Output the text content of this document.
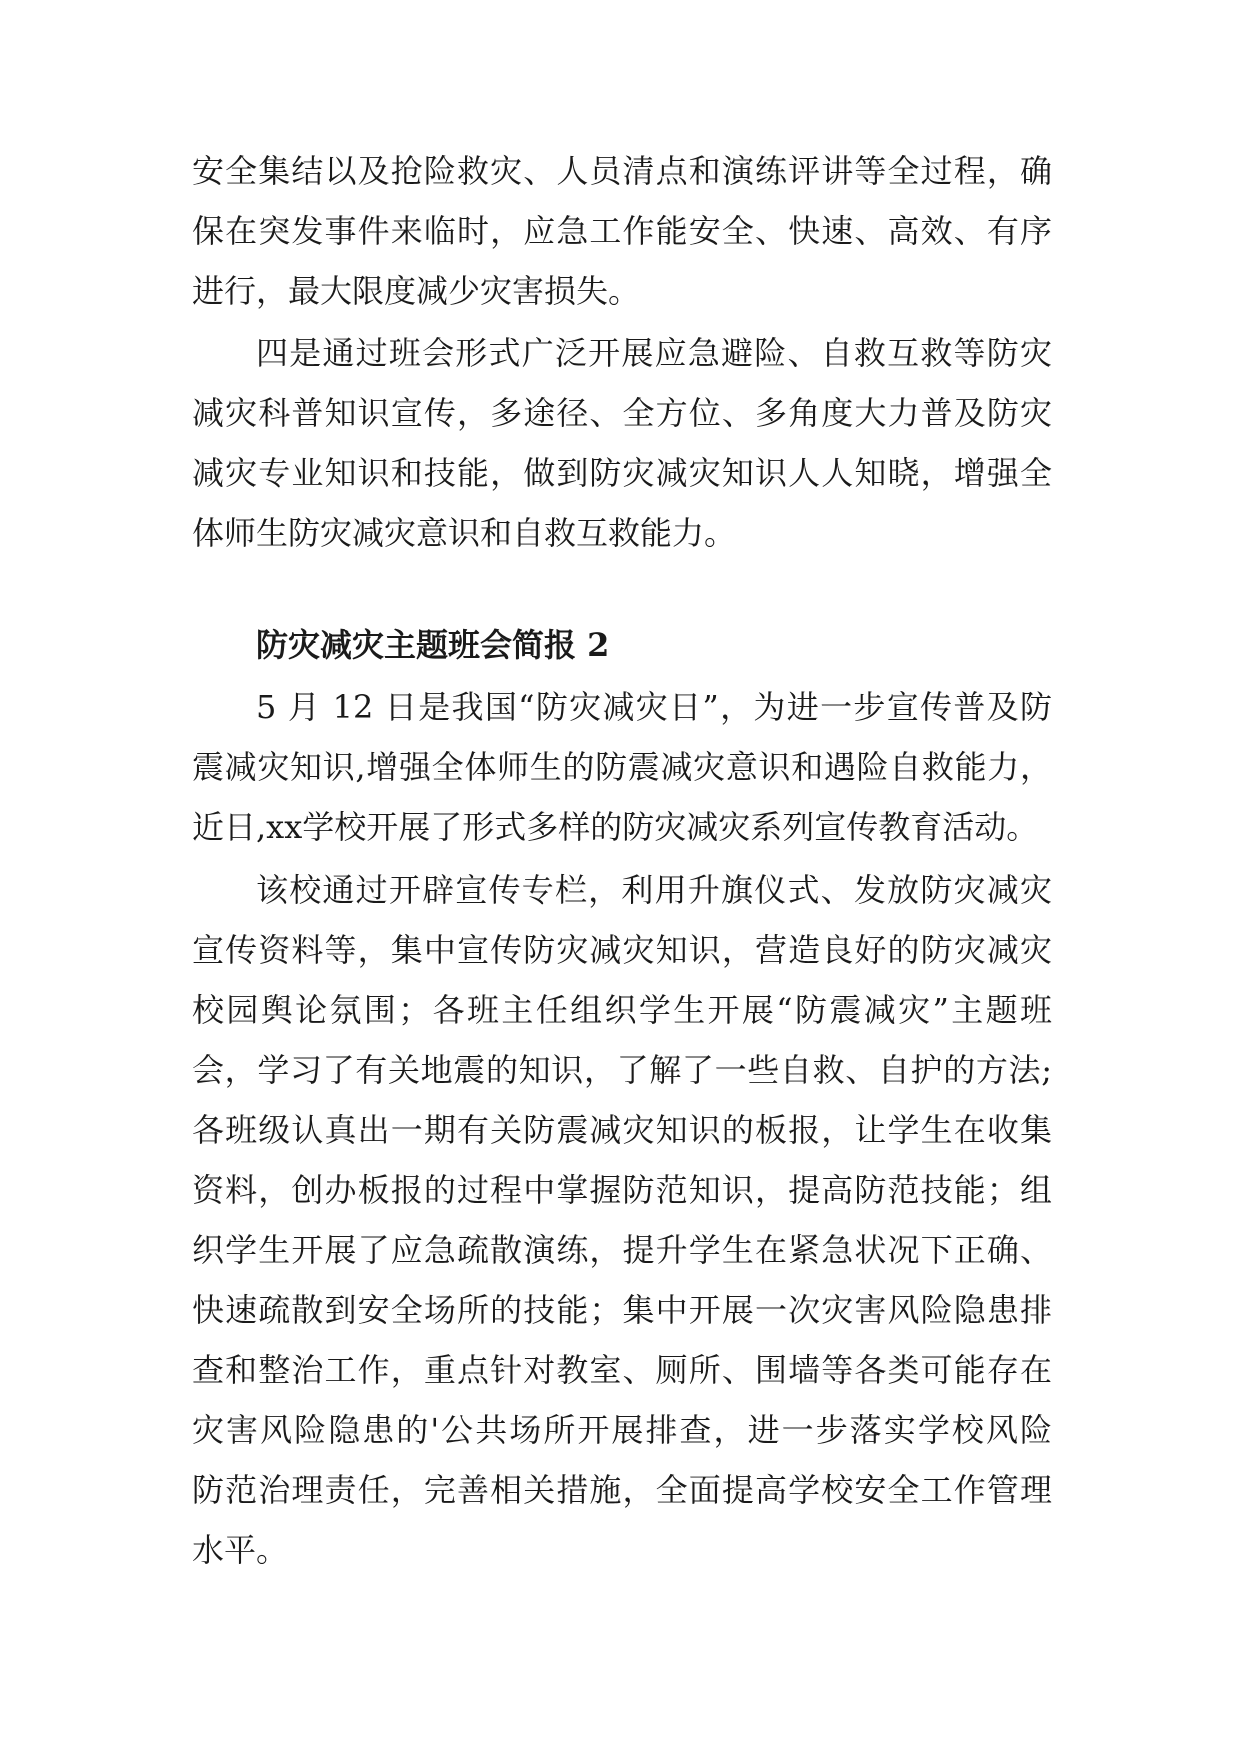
安全集结以及抢险救灾、人员清点和演练评讲等全过程，确

保在突发事件来临时，应急工作能安全、快速、高效、有序

进行，最大限度减少灾害损失。

四是通过班会形式广泛开展应急避险、自救互救等防灾

减灾科普知识宣传，多途径、全方位、多角度大力普及防灾

减灾专业知识和技能，做到防灾减灾知识人人知晓，增强全

体师生防灾减灾意识和自救互救能力。

防灾减灾主题班会简报 2

5 月 12 日是我国“防灾减灾日”，为进一步宣传普及防

震减灾知识,增强全体师生的防震减灾意识和遇险自救能力，

近日,xx学校开展了形式多样的防灾减灾系列宣传教育活动。

该校通过开辟宣传专栏，利用升旗仪式、发放防灾减灾

宣传资料等，集中宣传防灾减灾知识，营造良好的防灾减灾

校园舆论氛围；各班主任组织学生开展“防震减灾”主题班

会，学习了有关地震的知识，了解了一些自救、自护的方法;

各班级认真出一期有关防震减灾知识的板报，让学生在收集

资料，创办板报的过程中掌握防范知识，提高防范技能；组

织学生开展了应急疏散演练，提升学生在紧急状况下正确、

快速疏散到安全场所的技能；集中开展一次灾害风险隐患排

查和整治工作，重点针对教室、厕所、围墙等各类可能存在

灾害风险隐患的'公共场所开展排查，进一步落实学校风险

防范治理责任，完善相关措施，全面提高学校安全工作管理

水平。
